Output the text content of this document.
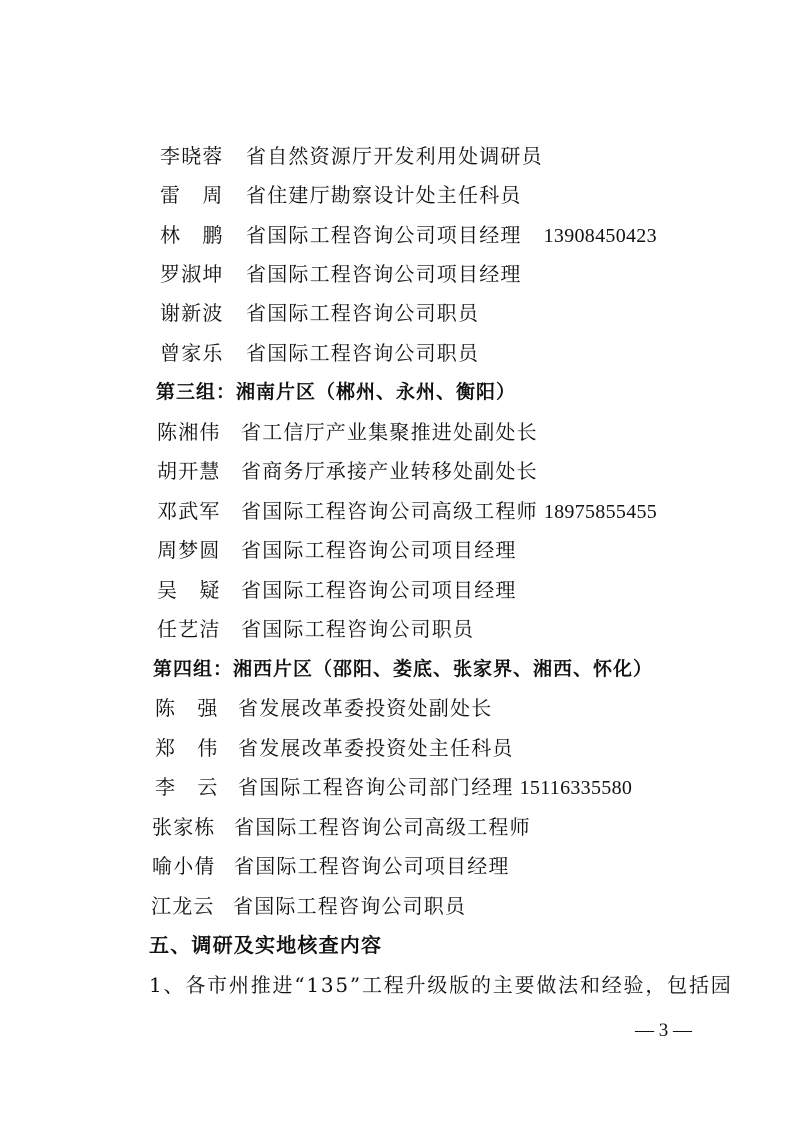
李晓蓉 省自然资源厅开发利用处调研员
雷　周 省住建厅勘察设计处主任科员
林　鹏 省国际工程咨询公司项目经理 13908450423
罗淑坤 省国际工程咨询公司项目经理
谢新波 省国际工程咨询公司职员
曾家乐 省国际工程咨询公司职员
第三组：湘南片区（郴州、永州、衡阳）
陈湘伟 省工信厅产业集聚推进处副处长
胡开慧 省商务厅承接产业转移处副处长
邓武军 省国际工程咨询公司高级工程师 18975855455
周梦圆 省国际工程咨询公司项目经理
吴　疑 省国际工程咨询公司项目经理
任艺洁 省国际工程咨询公司职员
第四组：湘西片区（邵阳、娄底、张家界、湘西、怀化）
陈　强 省发展改革委投资处副处长
郑　伟 省发展改革委投资处主任科员
李　云 省国际工程咨询公司部门经理 15116335580
张家栋 省国际工程咨询公司高级工程师
喻小倩 省国际工程咨询公司项目经理
江龙云 省国际工程咨询公司职员
五、调研及实地核查内容
1、各市州推进“135”工程升级版的主要做法和经验，包括园
— 3 —
